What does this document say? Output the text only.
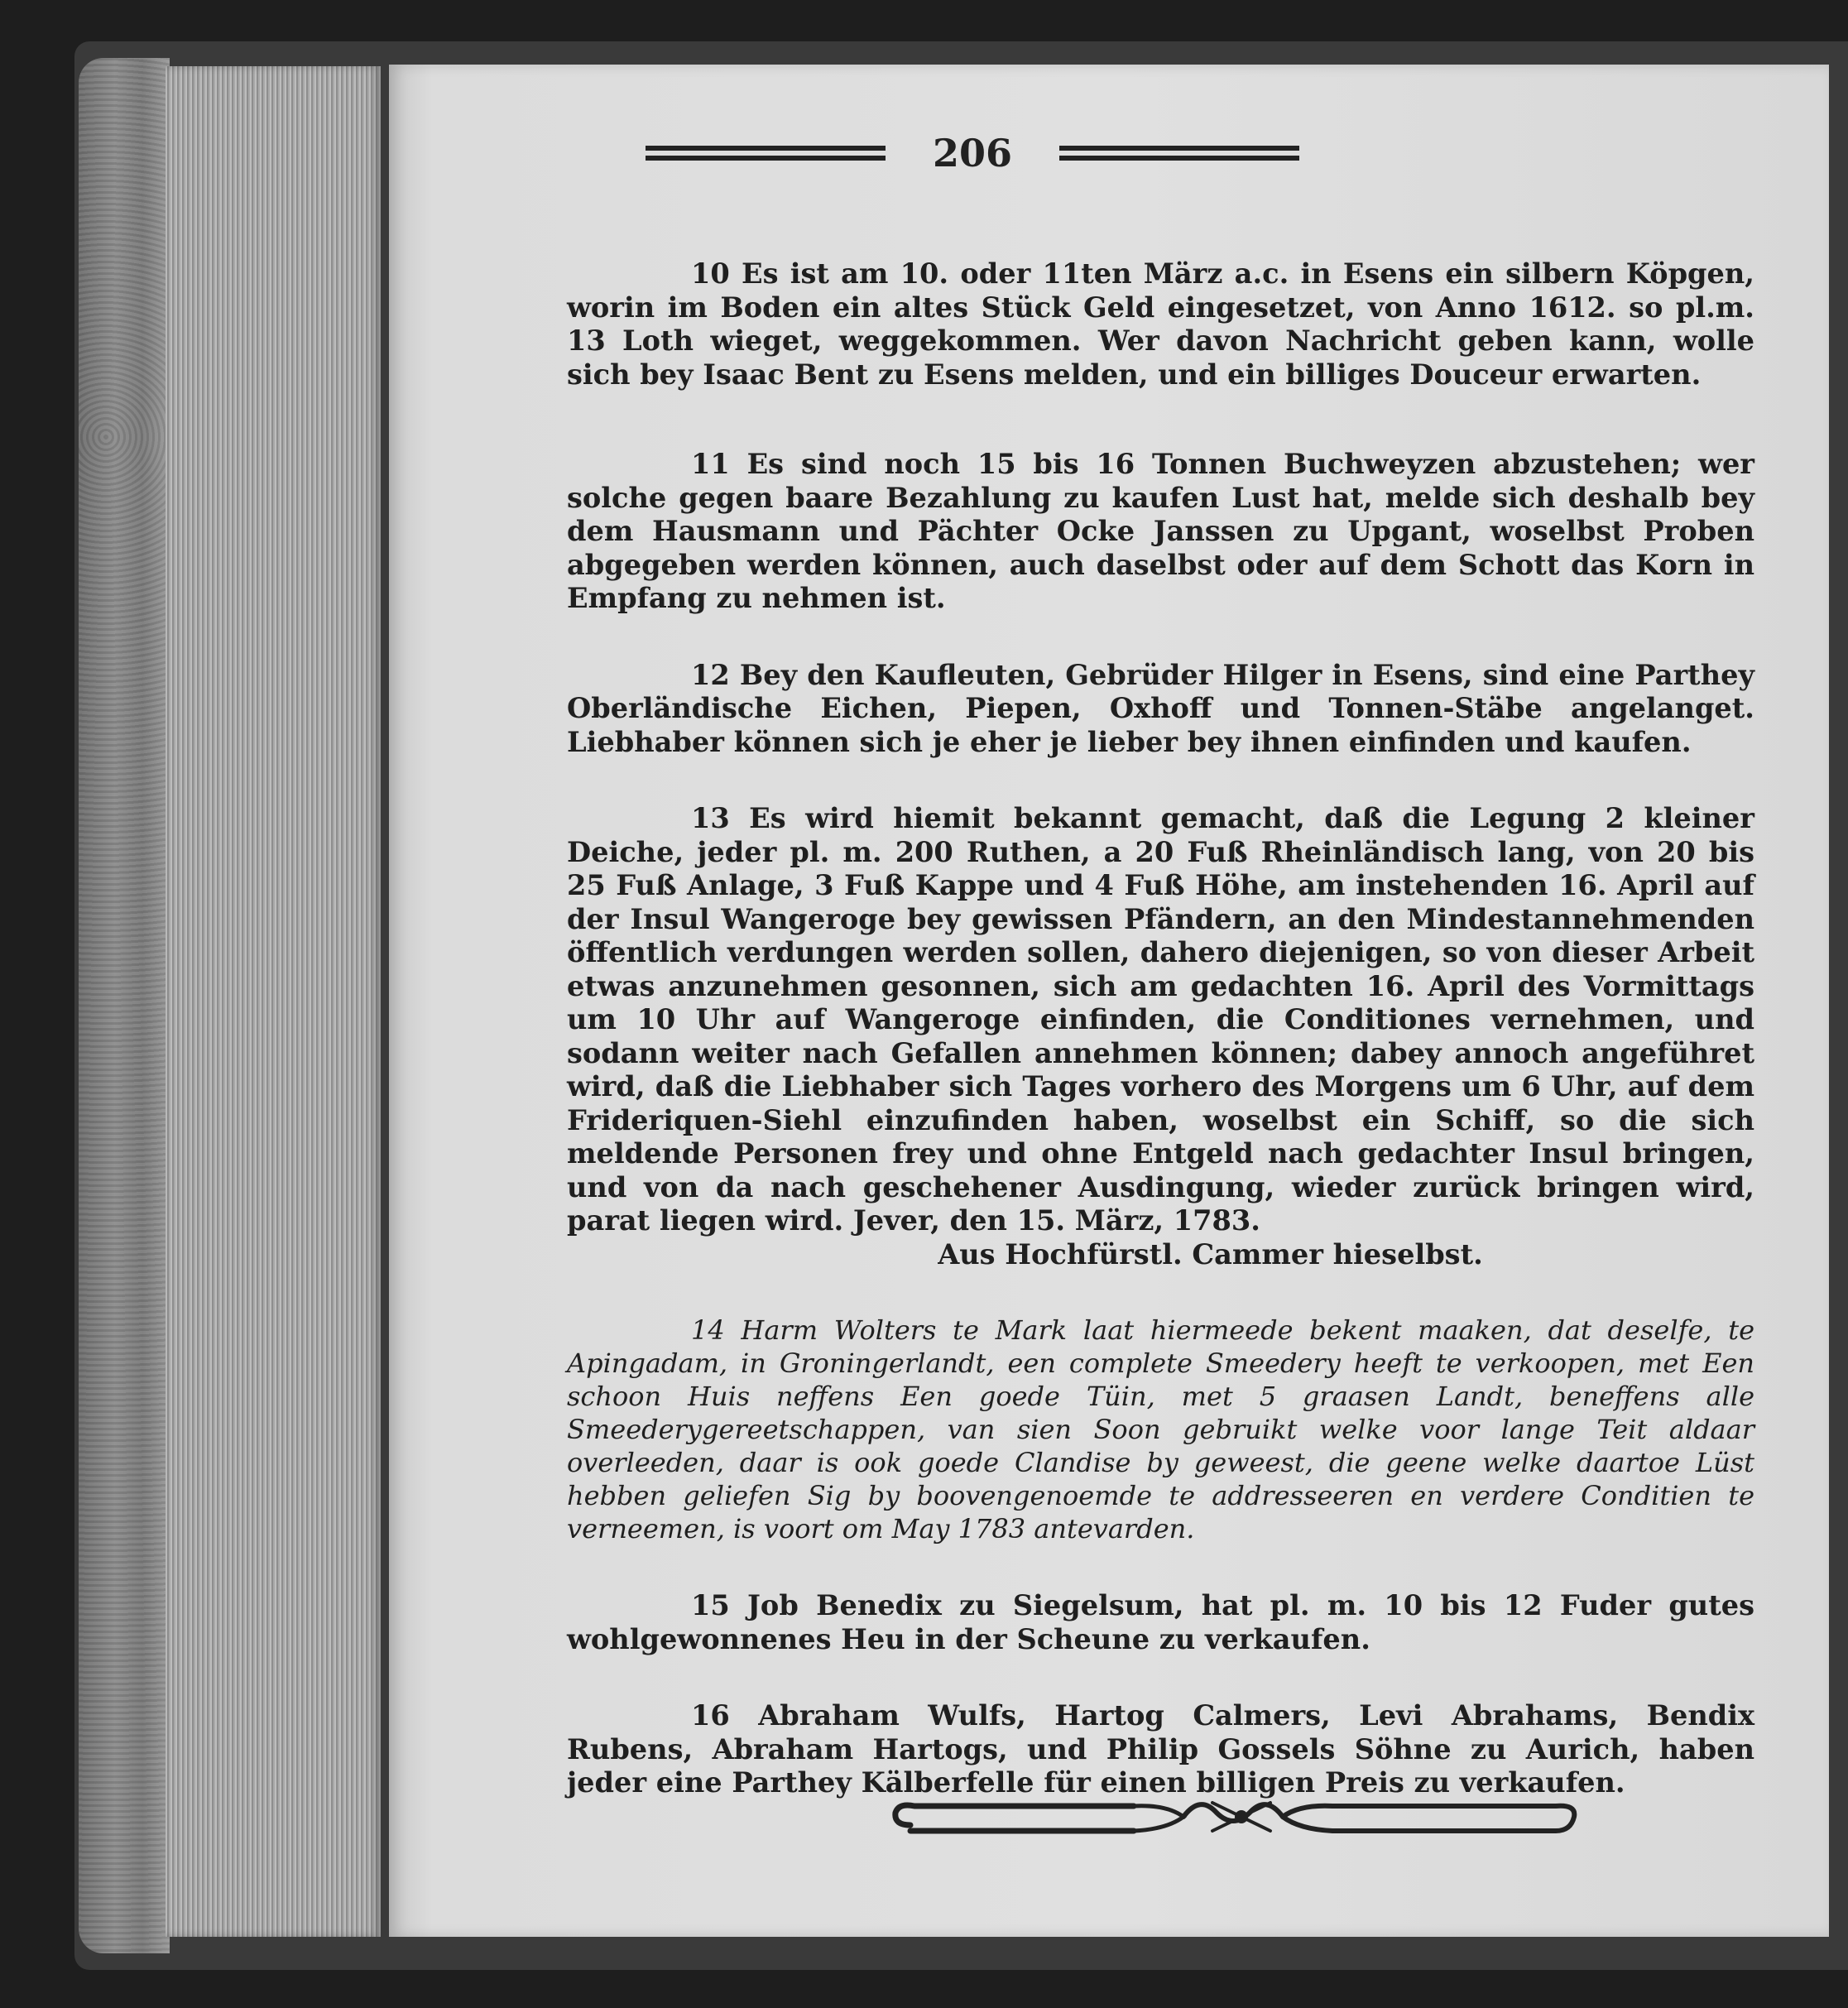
206

10 Es ist am 10. oder 11ten März a.c. in Esens ein silbern Köpgen, worin im Boden ein altes Stück Geld eingesetzet, von Anno 1612. so pl.m. 13 Loth wieget, weggekommen. Wer davon Nachricht geben kann, wolle sich bey Isaac Bent zu Esens melden, und ein billiges Douceur erwarten.

11 Es sind noch 15 bis 16 Tonnen Buchweyzen abzustehen; wer solche gegen baare Bezahlung zu kaufen Lust hat, melde sich deshalb bey dem Hausmann und Pächter Ocke Janssen zu Upgant, woselbst Proben abgegeben werden können, auch daselbst oder auf dem Schott das Korn in Empfang zu nehmen ist.

12 Bey den Kaufleuten, Gebrüder Hilger in Esens, sind eine Parthey Oberländische Eichen, Piepen, Oxhoff und Tonnen-Stäbe angelanget. Liebhaber können sich je eher je lieber bey ihnen einfinden und kaufen.

13 Es wird hiemit bekannt gemacht, daß die Legung 2 kleiner Deiche, jeder pl. m. 200 Ruthen, a 20 Fuß Rheinländisch lang, von 20 bis 25 Fuß Anlage, 3 Fuß Kappe und 4 Fuß Höhe, am instehenden 16. April auf der Insul Wangeroge bey gewissen Pfändern, an den Mindestannehmenden öffentlich verdungen werden sollen, dahero diejenigen, so von dieser Arbeit etwas anzunehmen gesonnen, sich am gedachten 16. April des Vormittags um 10 Uhr auf Wangeroge einfinden, die Conditiones vernehmen, und sodann weiter nach Gefallen annehmen können; dabey annoch angeführet wird, daß die Liebhaber sich Tages vorhero des Morgens um 6 Uhr, auf dem Frideriquen-Siehl einzufinden haben, woselbst ein Schiff, so die sich meldende Personen frey und ohne Entgeld nach gedachter Insul bringen, und von da nach geschehener Ausdingung, wieder zurück bringen wird, parat liegen wird. Jever, den 15. März, 1783.

Aus Hochfürstl. Cammer hieselbst.

14 Harm Wolters te Mark laat hiermeede bekent maaken, dat deselfe, te Apingadam, in Groningerlandt, een complete Smeedery heeft te verkoopen, met Een schoon Huis neffens Een goede Tüin, met 5 graasen Landt, beneffens alle Smeederygereetschappen, van sien Soon gebruikt welke voor lange Teit aldaar overleeden, daar is ook goede Clandise by geweest, die geene welke daartoe Lüst hebben geliefen Sig by boovengenoemde te addresseeren en verdere Conditien te verneemen, is voort om May 1783 antevarden.

15 Job Benedix zu Siegelsum, hat pl. m. 10 bis 12 Fuder gutes wohlgewonnenes Heu in der Scheune zu verkaufen.

16 Abraham Wulfs, Hartog Calmers, Levi Abrahams, Bendix Rubens, Abraham Hartogs, und Philip Gossels Söhne zu Aurich, haben jeder eine Parthey Kälberfelle für einen billigen Preis zu verkaufen.
